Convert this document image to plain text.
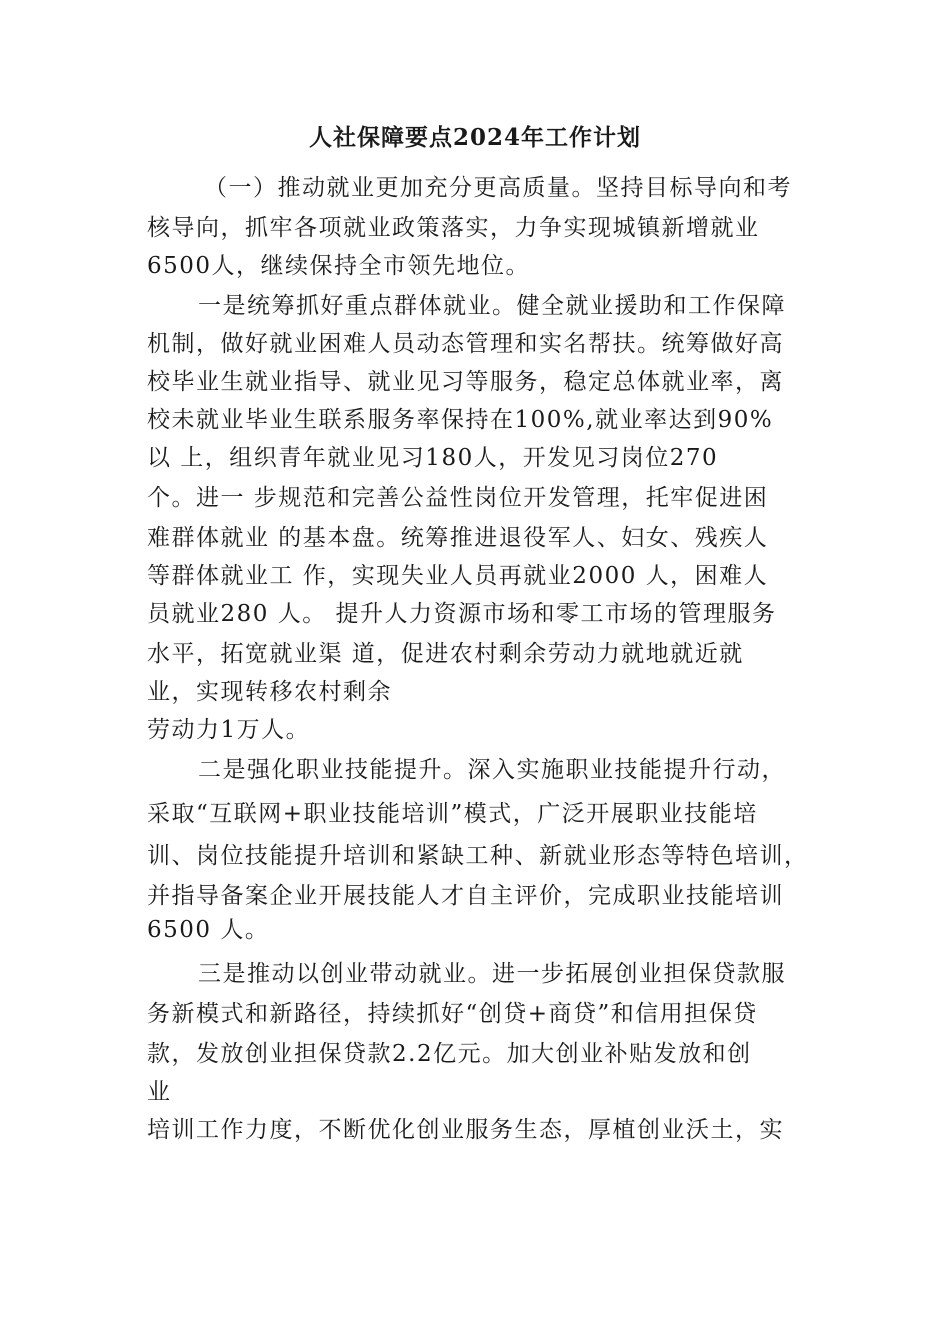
人社保障要点2024年工作计划
（一）推动就业更加充分更高质量。坚持目标导向和考
核导向，抓牢各项就业政策落实，力争实现城镇新增就业
6500人，继续保持全市领先地位。
一是统筹抓好重点群体就业。健全就业援助和工作保障
机制，做好就业困难人员动态管理和实名帮扶。统筹做好高
校毕业生就业指导、就业见习等服务，稳定总体就业率，离
校未就业毕业生联系服务率保持在100%,就业率达到90%
以 上，组织青年就业见习180人，开发见习岗位270
个。进一 步规范和完善公益性岗位开发管理，托牢促进困
难群体就业 的基本盘。统筹推进退役军人、妇女、残疾人
等群体就业工 作，实现失业人员再就业2000 人，困难人
员就业280 人。 提升人力资源市场和零工市场的管理服务
水平，拓宽就业渠 道，促进农村剩余劳动力就地就近就
业，实现转移农村剩余
劳动力1万人。
二是强化职业技能提升。深入实施职业技能提升行动，
采取“互联网+职业技能培训”模式，广泛开展职业技能培
训、岗位技能提升培训和紧缺工种、新就业形态等特色培训，
并指导备案企业开展技能人才自主评价，完成职业技能培训
6500 人。
三是推动以创业带动就业。进一步拓展创业担保贷款服
务新模式和新路径，持续抓好“创贷+商贷”和信用担保贷
款，发放创业担保贷款2.2亿元。加大创业补贴发放和创
业
培训工作力度，不断优化创业服务生态，厚植创业沃土，实
